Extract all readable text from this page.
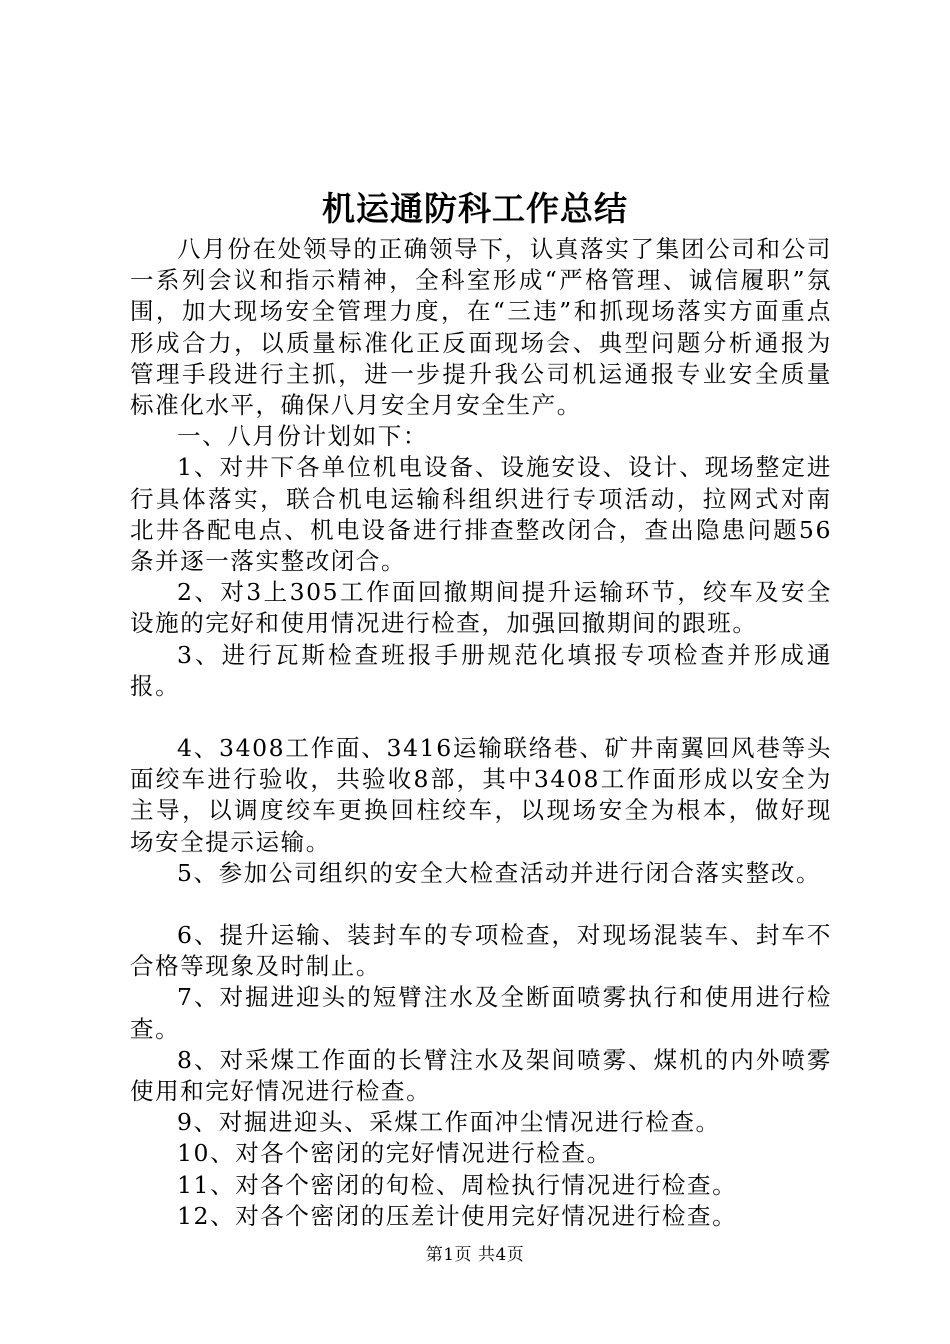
机运通防科工作总结

八月份在处领导的正确领导下，认真落实了集团公司和公司一系列会议和指示精神，全科室形成“严格管理、诚信履职”氛围，加大现场安全管理力度，在“三违”和抓现场落实方面重点形成合力，以质量标准化正反面现场会、典型问题分析通报为管理手段进行主抓，进一步提升我公司机运通报专业安全质量标准化水平，确保八月安全月安全生产。

一、八月份计划如下：

1、对井下各单位机电设备、设施安设、设计、现场整定进行具体落实，联合机电运输科组织进行专项活动，拉网式对南北井各配电点、机电设备进行排查整改闭合，查出隐患问题56条并逐一落实整改闭合。

2、对3上305工作面回撤期间提升运输环节，绞车及安全设施的完好和使用情况进行检查，加强回撤期间的跟班。

3、进行瓦斯检查班报手册规范化填报专项检查并形成通报。

4、3408工作面、3416运输联络巷、矿井南翼回风巷等头面绞车进行验收，共验收8部，其中3408工作面形成以安全为主导，以调度绞车更换回柱绞车，以现场安全为根本，做好现场安全提示运输。

5、参加公司组织的安全大检查活动并进行闭合落实整改。

6、提升运输、装封车的专项检查，对现场混装车、封车不合格等现象及时制止。

7、对掘进迎头的短臂注水及全断面喷雾执行和使用进行检查。

8、对采煤工作面的长臂注水及架间喷雾、煤机的内外喷雾使用和完好情况进行检查。

9、对掘进迎头、采煤工作面冲尘情况进行检查。

10、对各个密闭的完好情况进行检查。

11、对各个密闭的旬检、周检执行情况进行检查。

12、对各个密闭的压差计使用完好情况进行检查。

第1页 共4页
